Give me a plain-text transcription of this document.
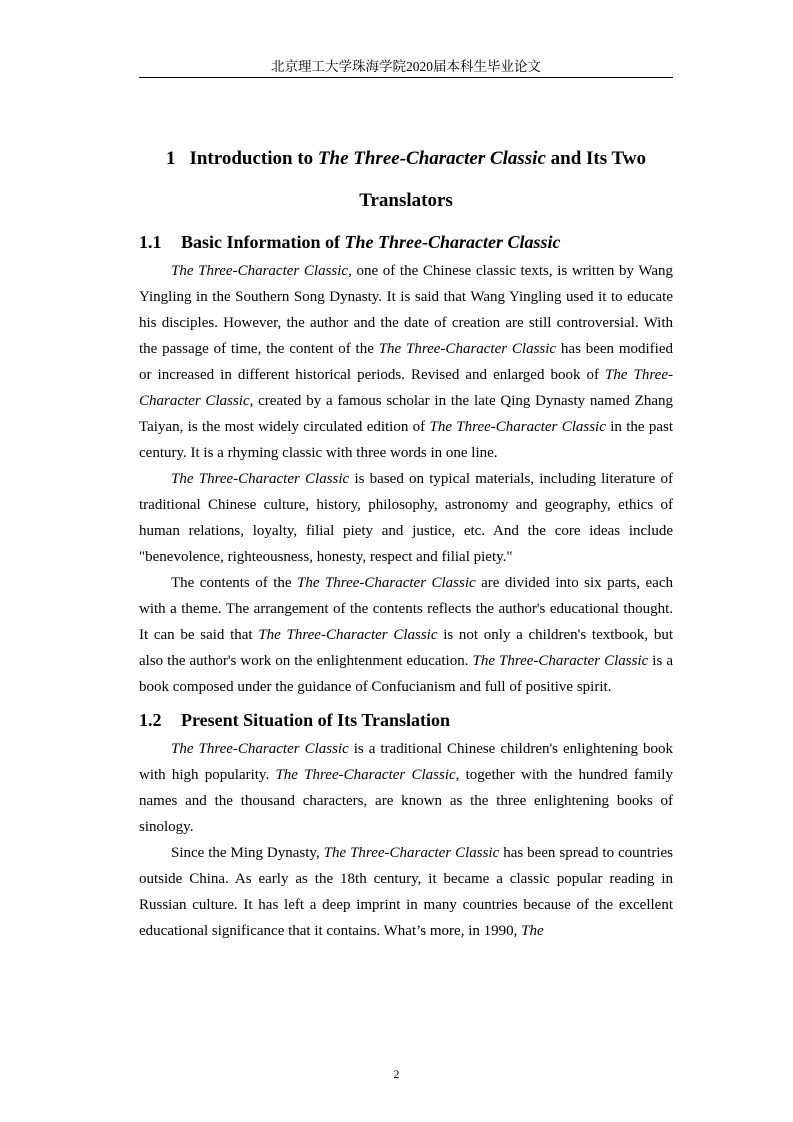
北京理工大学珠海学院2020届本科生毕业论文
1 Introduction to The Three-Character Classic and Its Two Translators
1.1 Basic Information of The Three-Character Classic

The Three-Character Classic, one of the Chinese classic texts, is written by Wang Yingling in the Southern Song Dynasty. It is said that Wang Yingling used it to educate his disciples. However, the author and the date of creation are still controversial. With the passage of time, the content of the The Three-Character Classic has been modified or increased in different historical periods. Revised and enlarged book of The Three-Character Classic, created by a famous scholar in the late Qing Dynasty named Zhang Taiyan, is the most widely circulated edition of The Three-Character Classic in the past century. It is a rhyming classic with three words in one line.

The Three-Character Classic is based on typical materials, including literature of traditional Chinese culture, history, philosophy, astronomy and geography, ethics of human relations, loyalty, filial piety and justice, etc. And the core ideas include "benevolence, righteousness, honesty, respect and filial piety."

The contents of the The Three-Character Classic are divided into six parts, each with a theme. The arrangement of the contents reflects the author's educational thought. It can be said that The Three-Character Classic is not only a children's textbook, but also the author's work on the enlightenment education. The Three-Character Classic is a book composed under the guidance of Confucianism and full of positive spirit.

1.2 Present Situation of Its Translation

The Three-Character Classic is a traditional Chinese children's enlightening book with high popularity. The Three-Character Classic, together with the hundred family names and the thousand characters, are known as the three enlightening books of sinology.

Since the Ming Dynasty, The Three-Character Classic has been spread to countries outside China. As early as the 18th century, it became a classic popular reading in Russian culture. It has left a deep imprint in many countries because of the excellent educational significance that it contains. What’s more, in 1990, The

2
